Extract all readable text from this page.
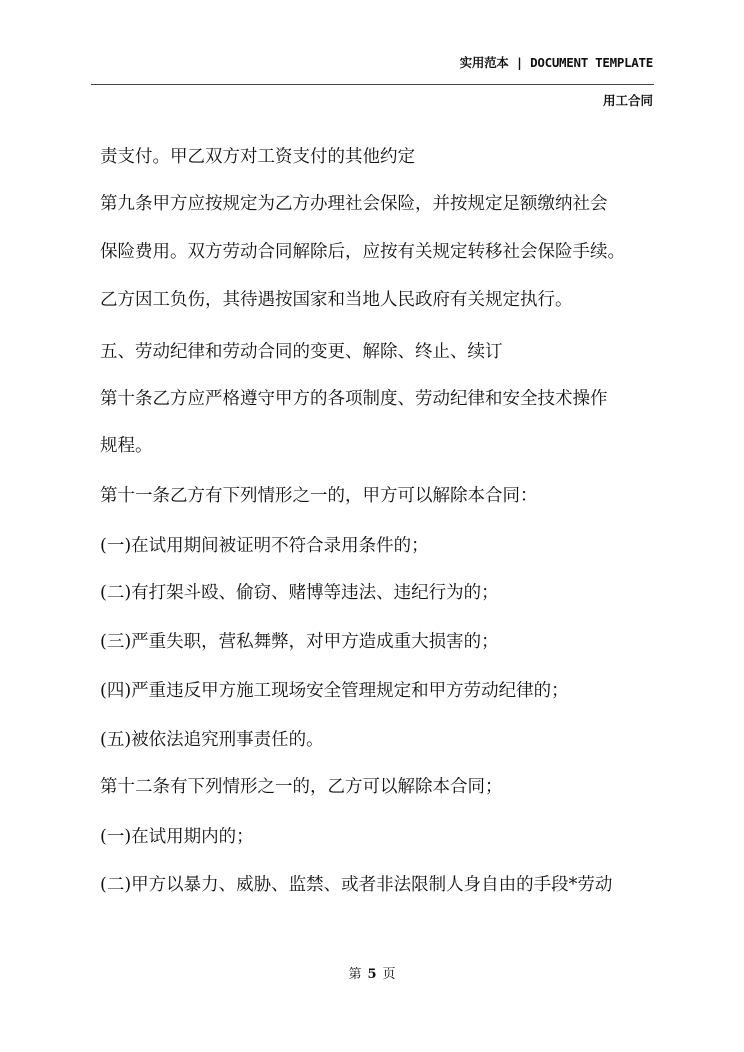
实用范本 | DOCUMENT TEMPLATE
用工合同
责支付。甲乙双方对工资支付的其他约定
第九条甲方应按规定为乙方办理社会保险，并按规定足额缴纳社会
保险费用。双方劳动合同解除后，应按有关规定转移社会保险手续。
乙方因工负伤，其待遇按国家和当地人民政府有关规定执行。
五、劳动纪律和劳动合同的变更、解除、终止、续订
第十条乙方应严格遵守甲方的各项制度、劳动纪律和安全技术操作
规程。
第十一条乙方有下列情形之一的，甲方可以解除本合同：
(一)在试用期间被证明不符合录用条件的；
(二)有打架斗殴、偷窃、赌博等违法、违纪行为的；
(三)严重失职，营私舞弊，对甲方造成重大损害的；
(四)严重违反甲方施工现场安全管理规定和甲方劳动纪律的；
(五)被依法追究刑事责任的。
第十二条有下列情形之一的，乙方可以解除本合同；
(一)在试用期内的；
(二)甲方以暴力、威胁、监禁、或者非法限制人身自由的手段*劳动
第 5 页
